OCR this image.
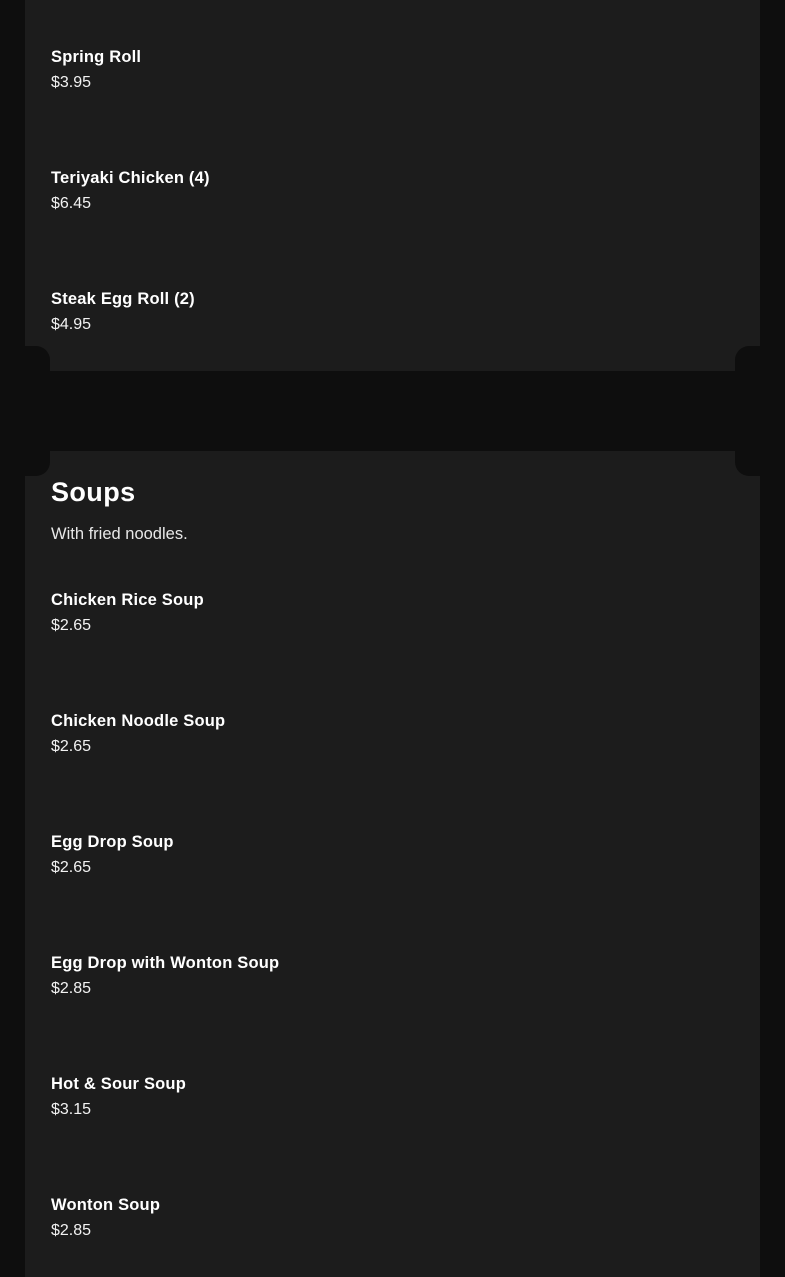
Spring Roll
$3.95
Teriyaki Chicken (4)
$6.45
Steak Egg Roll (2)
$4.95
Soups

With fried noodles.

Chicken Rice Soup
$2.65
Chicken Noodle Soup
$2.65
Egg Drop Soup
$2.65
Egg Drop with Wonton Soup
$2.85
Hot & Sour Soup
$3.15
Wonton Soup
$2.85
